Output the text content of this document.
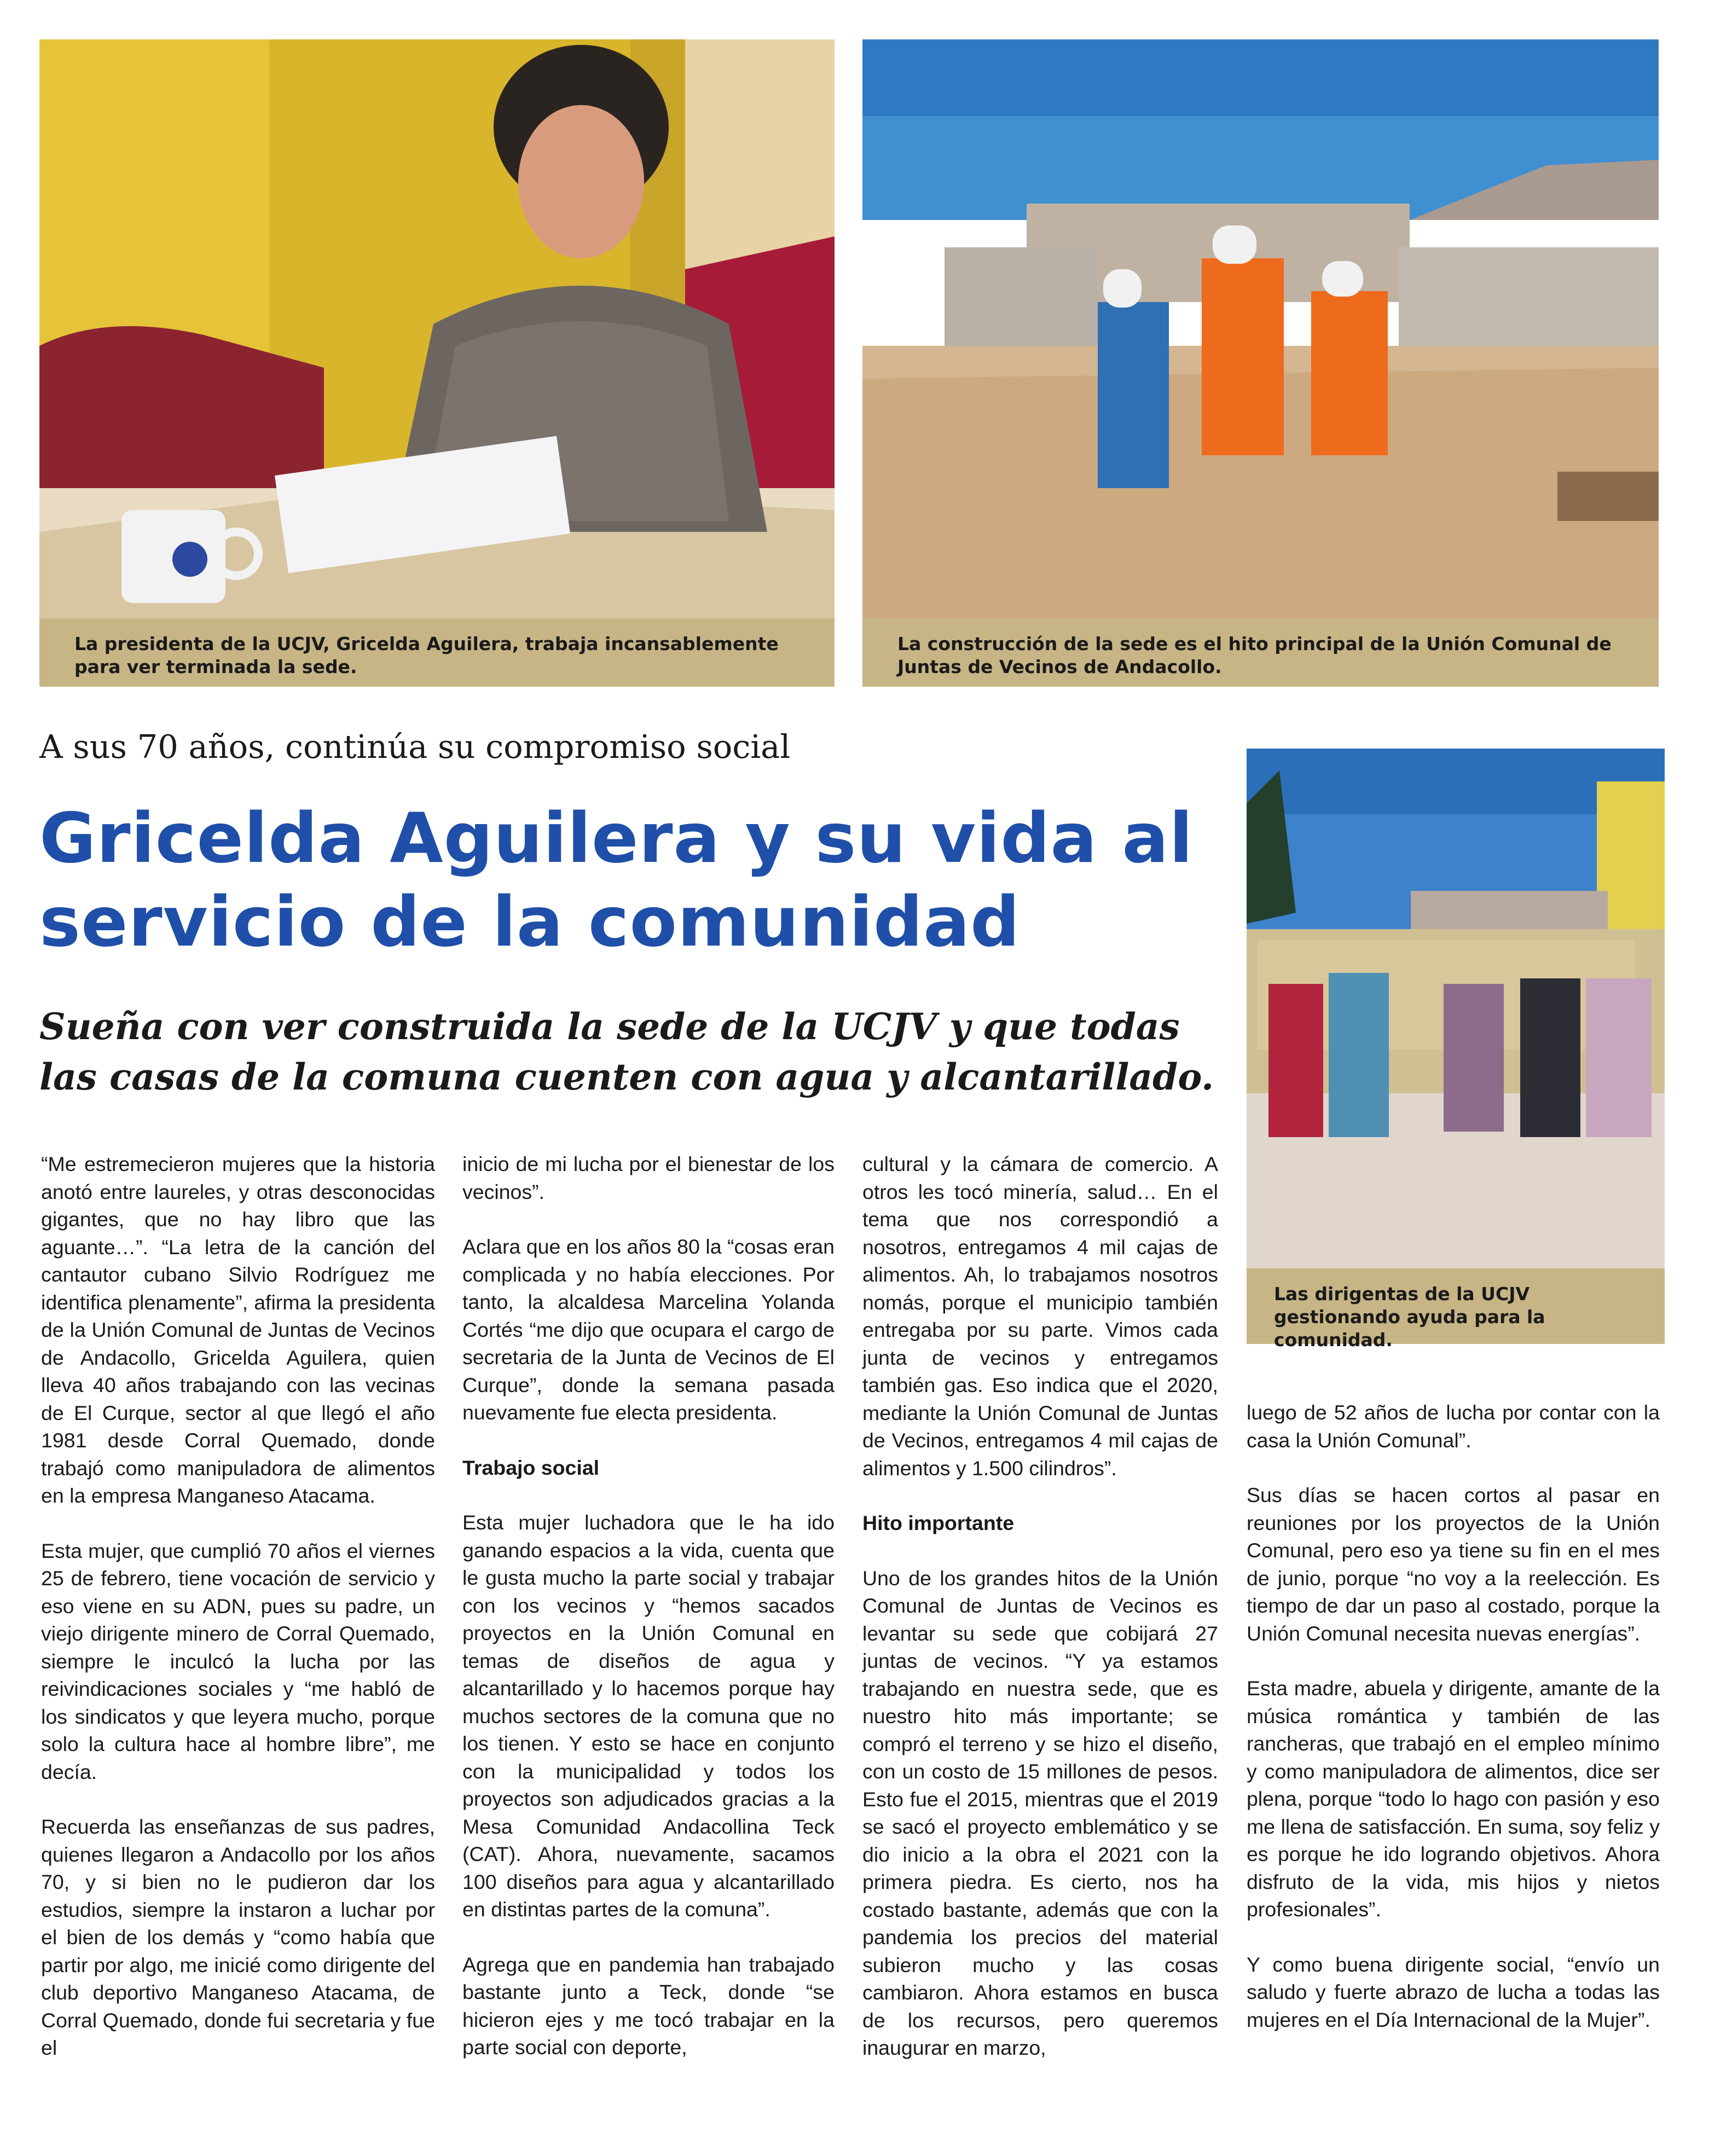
La presidenta de la UCJV, Gricelda Aguilera, trabaja incansablemente para ver terminada la sede.
La construcción de la sede es el hito principal de la Unión Comunal de Juntas de Vecinos de Andacollo.
Las dirigentas de la UCJV gestionando ayuda para la comunidad.
A sus 70 años, continúa su compromiso social
Gricelda Aguilera y su vida al servicio de la comunidad
Sueña con ver construida la sede de la UCJV y que todas las casas de la comuna cuenten con agua y alcantarillado.

“Me estremecieron mujeres que la historia anotó entre laureles, y otras desconocidas gigantes, que no hay libro que las aguante…”. “La letra de la canción del cantautor cubano Silvio Rodríguez me identifica plenamente”, afirma la presidenta de la Unión Comunal de Juntas de Vecinos de Andacollo, Gricelda Aguilera, quien lleva 40 años trabajando con las vecinas de El Curque, sector al que llegó el año 1981 desde Corral Quemado, donde trabajó como manipuladora de alimentos en la empresa Manganeso Atacama.

Esta mujer, que cumplió 70 años el viernes 25 de febrero, tiene vocación de servicio y eso viene en su ADN, pues su padre, un viejo dirigente minero de Corral Quemado, siempre le inculcó la lucha por las reivindicaciones sociales y “me habló de los sindicatos y que leyera mucho, porque solo la cultura hace al hombre libre”, me decía.

Recuerda las enseñanzas de sus padres, quienes llegaron a Andacollo por los años 70, y si bien no le pudieron dar los estudios, siempre la instaron a luchar por el bien de los demás y “como había que partir por algo, me inicié como dirigente del club deportivo Manganeso Atacama, de Corral Quemado, donde fui secretaria y fue el

inicio de mi lucha por el bienestar de los vecinos”.

Aclara que en los años 80 la “cosas eran complicada y no había elecciones. Por tanto, la alcaldesa Marcelina Yolanda Cortés “me dijo que ocupara el cargo de secretaria de la Junta de Vecinos de El Curque”, donde la semana pasada nuevamente fue electa presidenta.

Trabajo social

Esta mujer luchadora que le ha ido ganando espacios a la vida, cuenta que le gusta mucho la parte social y trabajar con los vecinos y “hemos sacados proyectos en la Unión Comunal en temas de diseños de agua y alcantarillado y lo hacemos porque hay muchos sectores de la comuna que no los tienen. Y esto se hace en conjunto con la municipalidad y todos los proyectos son adjudicados gracias a la Mesa Comunidad Andacollina Teck (CAT). Ahora, nuevamente, sacamos 100 diseños para agua y alcantarillado en distintas partes de la comuna”.

Agrega que en pandemia han trabajado bastante junto a Teck, donde “se hicieron ejes y me tocó trabajar en la parte social con deporte,

cultural y la cámara de comercio. A otros les tocó minería, salud… En el tema que nos correspondió a nosotros, entregamos 4 mil cajas de alimentos. Ah, lo trabajamos nosotros nomás, porque el municipio también entregaba por su parte. Vimos cada junta de vecinos y entregamos también gas. Eso indica que el 2020, mediante la Unión Comunal de Juntas de Vecinos, entregamos 4 mil cajas de alimentos y 1.500 cilindros”.

Hito importante

Uno de los grandes hitos de la Unión Comunal de Juntas de Vecinos es levantar su sede que cobijará 27 juntas de vecinos. “Y ya estamos trabajando en nuestra sede, que es nuestro hito más importante; se compró el terreno y se hizo el diseño, con un costo de 15 millones de pesos. Esto fue el 2015, mientras que el 2019 se sacó el proyecto emblemático y se dio inicio a la obra el 2021 con la primera piedra. Es cierto, nos ha costado bastante, además que con la pandemia los precios del material subieron mucho y las cosas cambiaron. Ahora estamos en busca de los recursos, pero queremos inaugurar en marzo,

luego de 52 años de lucha por contar con la casa la Unión Comunal”.

Sus días se hacen cortos al pasar en reuniones por los proyectos de la Unión Comunal, pero eso ya tiene su fin en el mes de junio, porque “no voy a la reelección. Es tiempo de dar un paso al costado, porque la Unión Comunal necesita nuevas energías”.

Esta madre, abuela y dirigente, amante de la música romántica y también de las rancheras, que trabajó en el empleo mínimo y como manipuladora de alimentos, dice ser plena, porque “todo lo hago con pasión y eso me llena de satisfacción. En suma, soy feliz y es porque he ido logrando objetivos. Ahora disfruto de la vida, mis hijos y nietos profesionales”.

Y como buena dirigente social, “envío un saludo y fuerte abrazo de lucha a todas las mujeres en el Día Internacional de la Mujer”.
